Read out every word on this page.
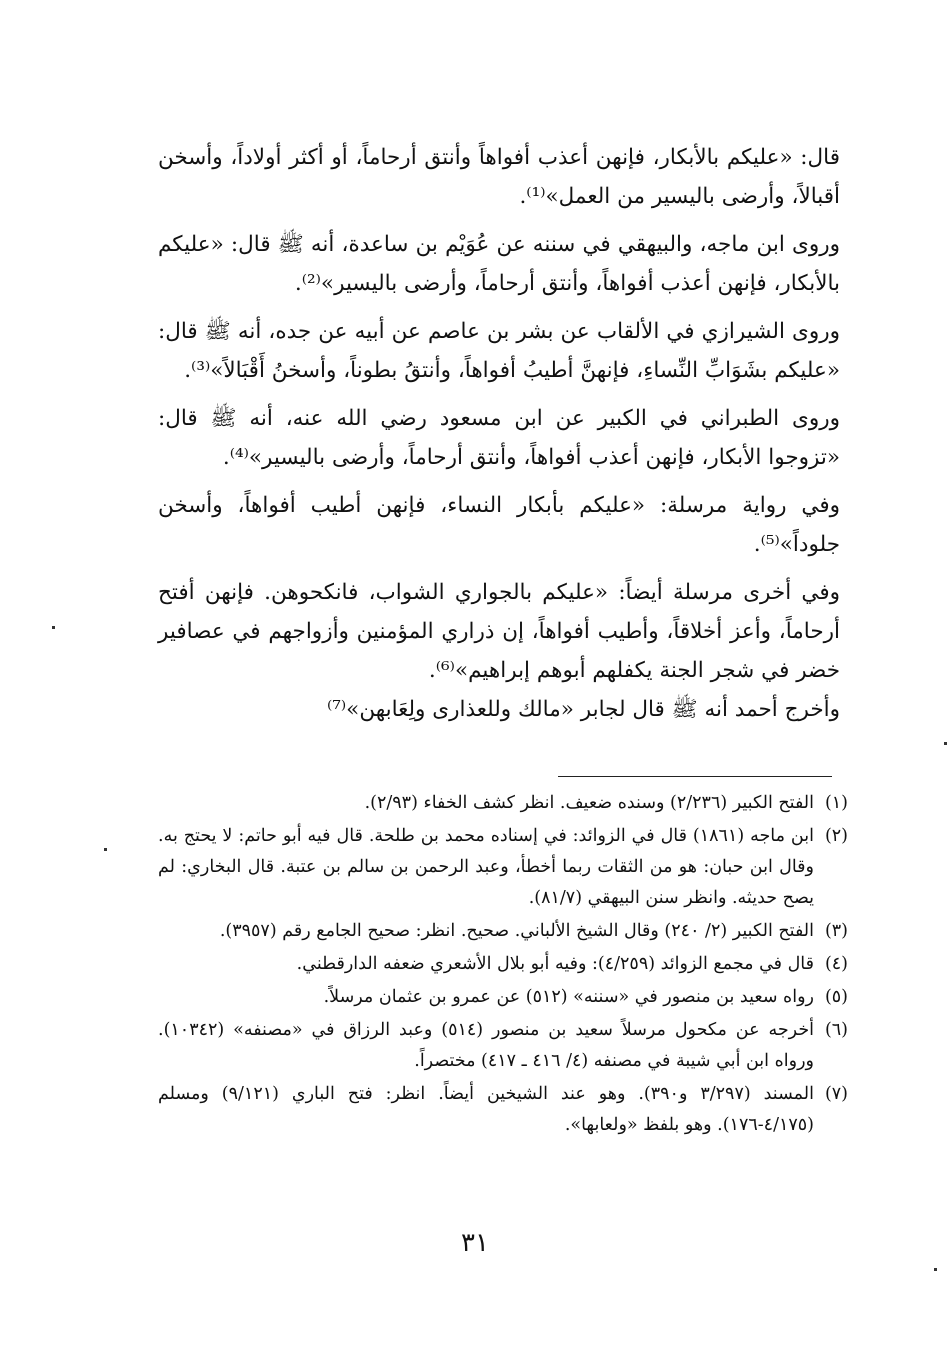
قال: «عليكم بالأبكار، فإنهن أعذب أفواهاً وأنتق أرحاماً، أو أكثر أولاداً، وأسخن أقبالاً، وأرضى باليسير من العمل»⁽¹⁾.

وروى ابن ماجه، والبيهقي في سننه عن عُوَيْم بن ساعدة، أنه ﷺ قال: «عليكم بالأبكار، فإنهن أعذب أفواهاً، وأنتق أرحاماً، وأرضى باليسير»⁽²⁾.

وروى الشيرازي في الألقاب عن بشر بن عاصم عن أبيه عن جده، أنه ﷺ قال: «عليكم بشَوَابِّ النِّساءِ، فإنهنَّ أطيبُ أفواهاً، وأنتقُ بطوناً، وأسخنُ أَقْبَالاً»⁽³⁾.

وروى الطبراني في الكبير عن ابن مسعود رضي الله عنه، أنه ﷺ قال: «تزوجوا الأبكار، فإنهن أعذب أفواهاً، وأنتق أرحاماً، وأرضى باليسير»⁽⁴⁾.

وفي رواية مرسلة: «عليكم بأبكار النساء، فإنهن أطيب أفواهاً، وأسخن جلوداً»⁽⁵⁾.

وفي أخرى مرسلة أيضاً: «عليكم بالجواري الشواب، فانكحوهن. فإنهن أفتح أرحاماً، وأعز أخلاقاً، وأطيب أفواهاً، إن ذراري المؤمنين وأزواجهم في عصافير خضر في شجر الجنة يكفلهم أبوهم إبراهيم»⁽⁶⁾.

وأخرج أحمد أنه ﷺ قال لجابر «مالك وللعذارى ولِعَابهن»⁽⁷⁾

(١)
الفتح الكبير (٢/٢٣٦) وسنده ضعيف. انظر كشف الخفاء (٢/٩٣).
(٢)
ابن ماجه (١٨٦١) قال في الزوائد: في إسناده محمد بن طلحة. قال فيه أبو حاتم: لا يحتج به. وقال ابن حبان: هو من الثقات ربما أخطأ، وعبد الرحمن بن سالم بن عتبة. قال البخاري: لم يصح حديثه. وانظر سنن البيهقي (٨١/٧).
(٣)
الفتح الكبير (٢/ ٢٤٠) وقال الشيخ الألباني. صحيح. انظر: صحيح الجامع رقم (٣٩٥٧).
(٤)
قال في مجمع الزوائد (٤/٢٥٩): وفيه أبو بلال الأشعري ضعفه الدارقطني.
(٥)
رواه سعيد بن منصور في «سننه» (٥١٢) عن عمرو بن عثمان مرسلاً.
(٦)
أخرجه عن مكحول مرسلاً سعيد بن منصور (٥١٤) وعبد الرزاق في «مصنفه» (١٠٣٤٢). ورواه ابن أبي شيبة في مصنفه (٤/ ٤١٦ ـ ٤١٧) مختصراً.
(٧)
المسند (٣/٢٩٧ و٣٩٠). وهو عند الشيخين أيضاً. انظر: فتح الباري (٩/١٢١) ومسلم (٤/١٧٥-١٧٦). وهو بلفظ «ولعابها».
٣١
